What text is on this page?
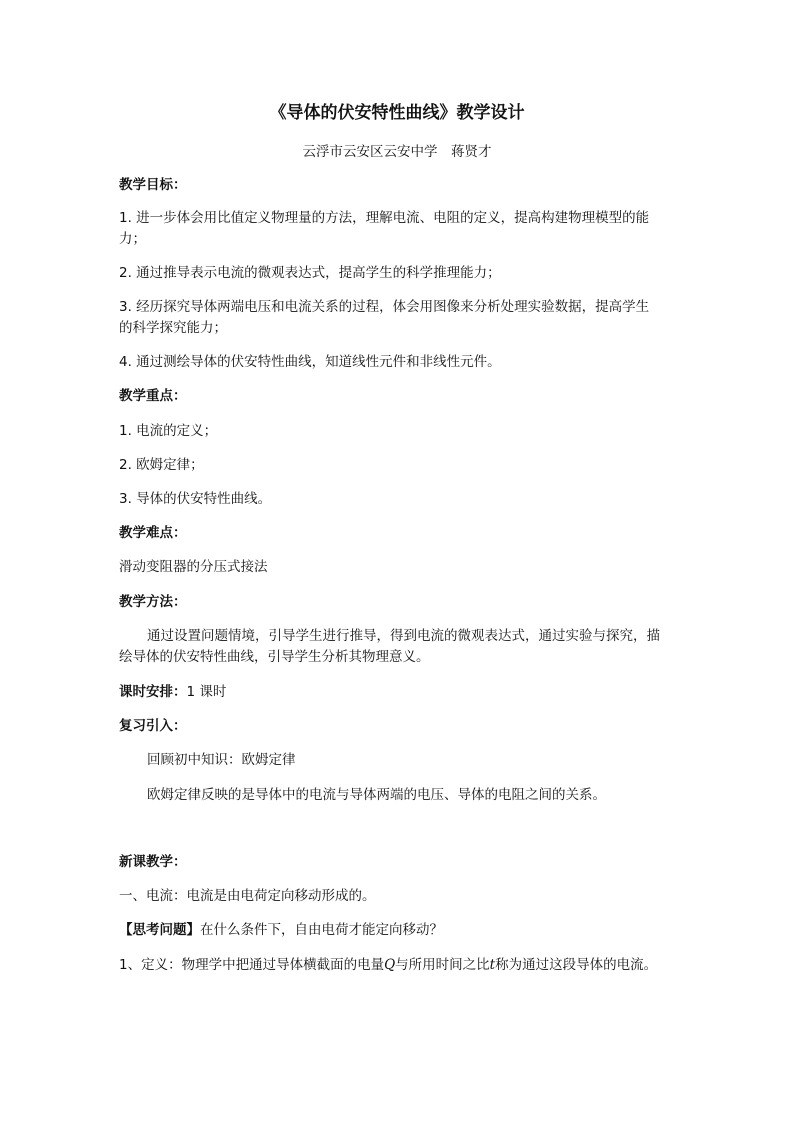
《导体的伏安特性曲线》教学设计
云浮市云安区云安中学　蒋贤才
教学目标：
1. 进一步体会用比值定义物理量的方法，理解电流、电阻的定义，提高构建物理模型的能
力；
2. 通过推导表示电流的微观表达式，提高学生的科学推理能力；
3. 经历探究导体两端电压和电流关系的过程，体会用图像来分析处理实验数据，提高学生
的科学探究能力；
4. 通过测绘导体的伏安特性曲线，知道线性元件和非线性元件。
教学重点：
1. 电流的定义；
2. 欧姆定律；
3. 导体的伏安特性曲线。
教学难点：
滑动变阻器的分压式接法
教学方法：
通过设置问题情境，引导学生进行推导，得到电流的微观表达式，通过实验与探究，描
绘导体的伏安特性曲线，引导学生分析其物理意义。
课时安排：1 课时
复习引入：
回顾初中知识：欧姆定律
欧姆定律反映的是导体中的电流与导体两端的电压、导体的电阻之间的关系。
新课教学：
一、电流：电流是由电荷定向移动形成的。
【思考问题】在什么条件下，自由电荷才能定向移动？
1、定义：物理学中把通过导体横截面的电量Q与所用时间之比t称为通过这段导体的电流。
